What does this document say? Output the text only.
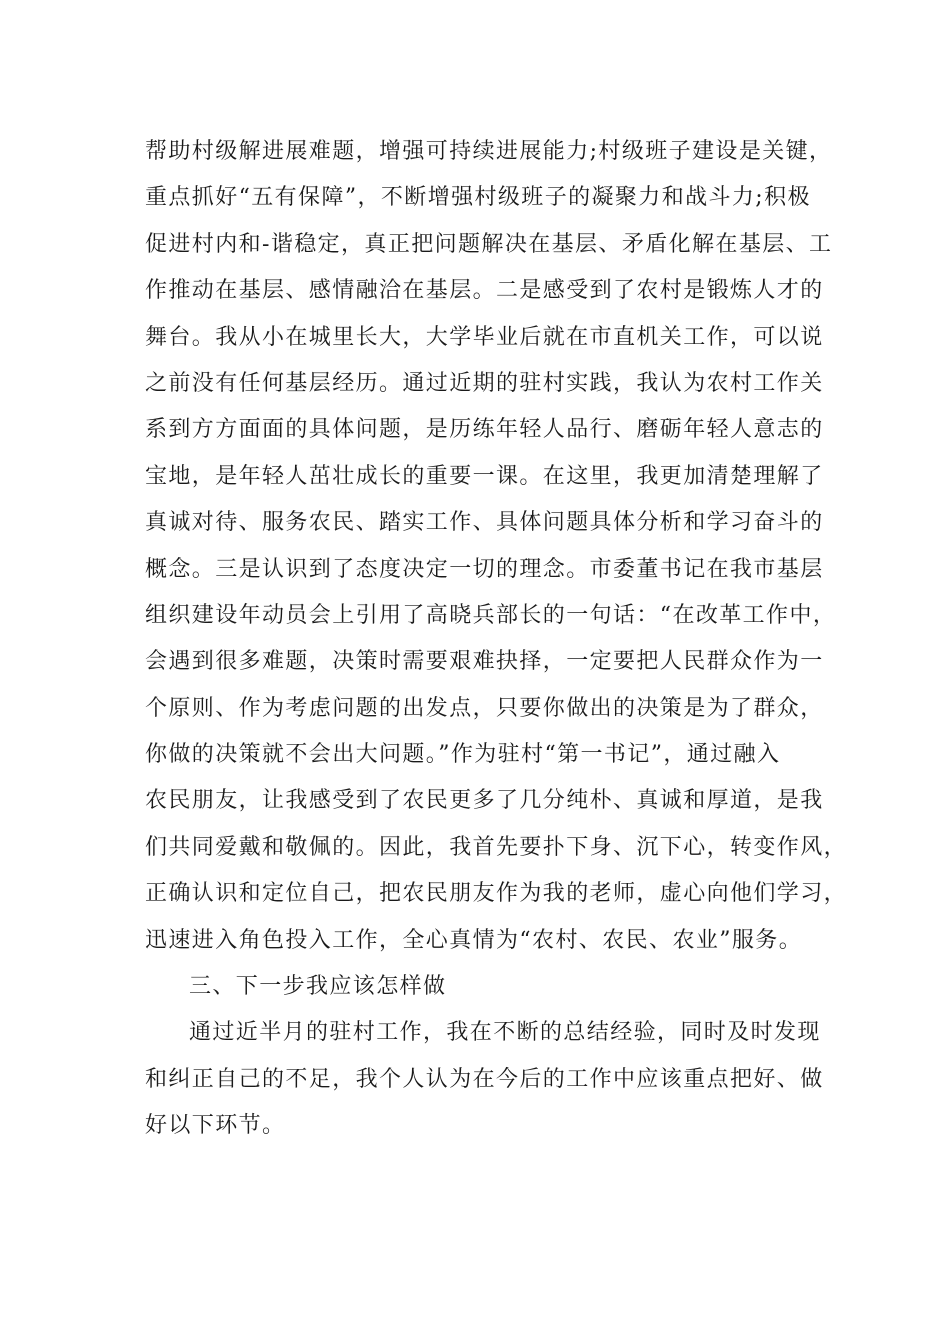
帮助村级解进展难题，增强可持续进展能力;村级班子建设是关键，
重点抓好“五有保障”，不断增强村级班子的凝聚力和战斗力;积极
促进村内和-谐稳定，真正把问题解决在基层、矛盾化解在基层、工
作推动在基层、感情融洽在基层。二是感受到了农村是锻炼人才的
舞台。我从小在城里长大，大学毕业后就在市直机关工作，可以说
之前没有任何基层经历。通过近期的驻村实践，我认为农村工作关
系到方方面面的具体问题，是历练年轻人品行、磨砺年轻人意志的
宝地，是年轻人茁壮成长的重要一课。在这里，我更加清楚理解了
真诚对待、服务农民、踏实工作、具体问题具体分析和学习奋斗的
概念。三是认识到了态度决定一切的理念。市委董书记在我市基层
组织建设年动员会上引用了高晓兵部长的一句话：“在改革工作中，
会遇到很多难题，决策时需要艰难抉择，一定要把人民群众作为一
个原则、作为考虑问题的出发点，只要你做出的决策是为了群众，
你做的决策就不会出大问题。”作为驻村“第一书记”，通过融入
农民朋友，让我感受到了农民更多了几分纯朴、真诚和厚道，是我
们共同爱戴和敬佩的。因此，我首先要扑下身、沉下心，转变作风，
正确认识和定位自己，把农民朋友作为我的老师，虚心向他们学习，
迅速进入角色投入工作，全心真情为“农村、农民、农业”服务。
三、下一步我应该怎样做
通过近半月的驻村工作，我在不断的总结经验，同时及时发现
和纠正自己的不足，我个人认为在今后的工作中应该重点把好、做
好以下环节。
